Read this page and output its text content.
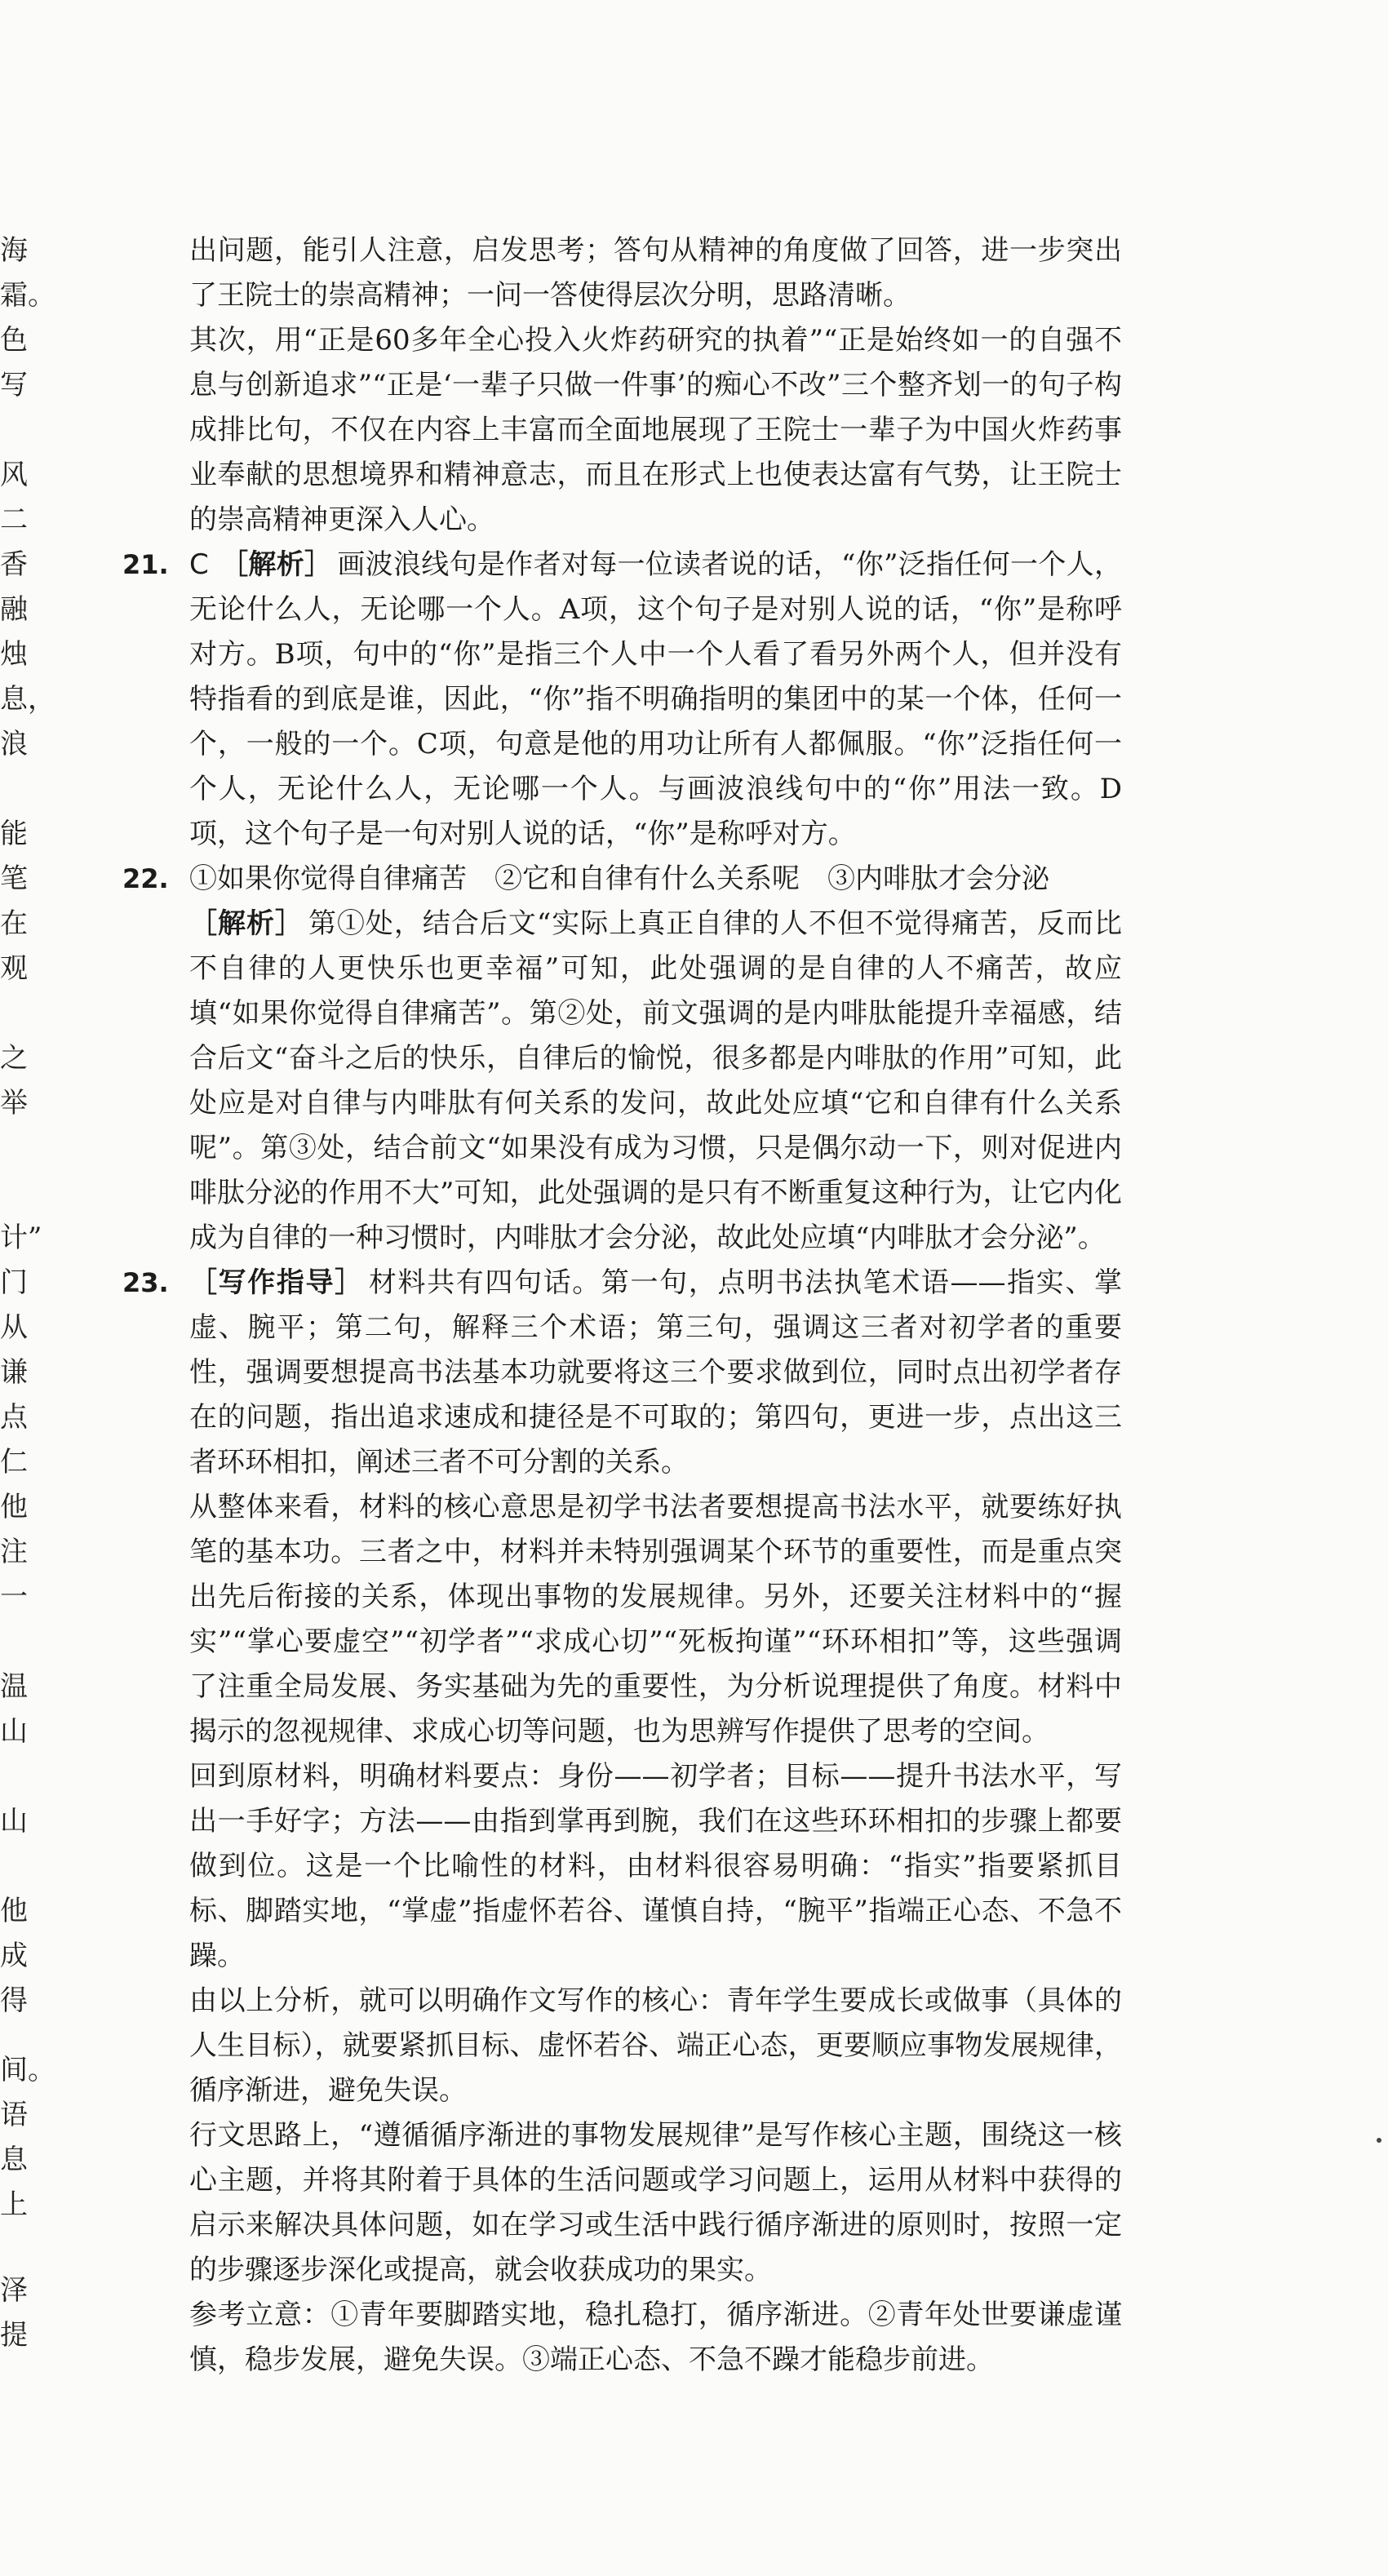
海
霜。
色
写
风
二
香
融
烛
息，
浪
能
笔
在
观
之
举
计”
门
从
谦
点
仁
他
注
一
温
山
山
他
成
得
间。
语
息
上
泽
提

出问题，能引人注意，启发思考；答句从精神的角度做了回答，进一步突出了王院士的崇高精神；一问一答使得层次分明，思路清晰。

其次，用“正是60多年全心投入火炸药研究的执着”“正是始终如一的自强不息与创新追求”“正是‘一辈子只做一件事’的痴心不改”三个整齐划一的句子构成排比句，不仅在内容上丰富而全面地展现了王院士一辈子为中国火炸药事业奉献的思想境界和精神意志，而且在形式上也使表达富有气势，让王院士的崇高精神更深入人心。

21. C ［解析］ 画波浪线句是作者对每一位读者说的话，“你”泛指任何一个人，无论什么人，无论哪一个人。A项，这个句子是对别人说的话，“你”是称呼对方。B项，句中的“你”是指三个人中一个人看了看另外两个人，但并没有特指看的到底是谁，因此，“你”指不明确指明的集团中的某一个体，任何一个，一般的一个。C项，句意是他的用功让所有人都佩服。“你”泛指任何一个人，无论什么人，无论哪一个人。与画波浪线句中的“你”用法一致。D项，这个句子是一句对别人说的话，“你”是称呼对方。

22. ①如果你觉得自律痛苦　②它和自律有什么关系呢　③内啡肽才会分泌

［解析］ 第①处，结合后文“实际上真正自律的人不但不觉得痛苦，反而比不自律的人更快乐也更幸福”可知，此处强调的是自律的人不痛苦，故应填“如果你觉得自律痛苦”。第②处，前文强调的是内啡肽能提升幸福感，结合后文“奋斗之后的快乐，自律后的愉悦，很多都是内啡肽的作用”可知，此处应是对自律与内啡肽有何关系的发问，故此处应填“它和自律有什么关系呢”。第③处，结合前文“如果没有成为习惯，只是偶尔动一下，则对促进内啡肽分泌的作用不大”可知，此处强调的是只有不断重复这种行为，让它内化成为自律的一种习惯时，内啡肽才会分泌，故此处应填“内啡肽才会分泌”。

23. ［写作指导］ 材料共有四句话。第一句，点明书法执笔术语——指实、掌虚、腕平；第二句，解释三个术语；第三句，强调这三者对初学者的重要性，强调要想提高书法基本功就要将这三个要求做到位，同时点出初学者存在的问题，指出追求速成和捷径是不可取的；第四句，更进一步，点出这三者环环相扣，阐述三者不可分割的关系。

从整体来看，材料的核心意思是初学书法者要想提高书法水平，就要练好执笔的基本功。三者之中，材料并未特别强调某个环节的重要性，而是重点突出先后衔接的关系，体现出事物的发展规律。另外，还要关注材料中的“握实”“掌心要虚空”“初学者”“求成心切”“死板拘谨”“环环相扣”等，这些强调了注重全局发展、务实基础为先的重要性，为分析说理提供了角度。材料中揭示的忽视规律、求成心切等问题，也为思辨写作提供了思考的空间。

回到原材料，明确材料要点：身份——初学者；目标——提升书法水平，写出一手好字；方法——由指到掌再到腕，我们在这些环环相扣的步骤上都要做到位。这是一个比喻性的材料，由材料很容易明确：“指实”指要紧抓目标、脚踏实地，“掌虚”指虚怀若谷、谨慎自持，“腕平”指端正心态、不急不躁。

由以上分析，就可以明确作文写作的核心：青年学生要成长或做事（具体的人生目标），就要紧抓目标、虚怀若谷、端正心态，更要顺应事物发展规律，循序渐进，避免失误。

行文思路上，“遵循循序渐进的事物发展规律”是写作核心主题，围绕这一核心主题，并将其附着于具体的生活问题或学习问题上，运用从材料中获得的启示来解决具体问题，如在学习或生活中践行循序渐进的原则时，按照一定的步骤逐步深化或提高，就会收获成功的果实。

参考立意：①青年要脚踏实地，稳扎稳打，循序渐进。②青年处世要谦虚谨慎，稳步发展，避免失误。③端正心态、不急不躁才能稳步前进。
